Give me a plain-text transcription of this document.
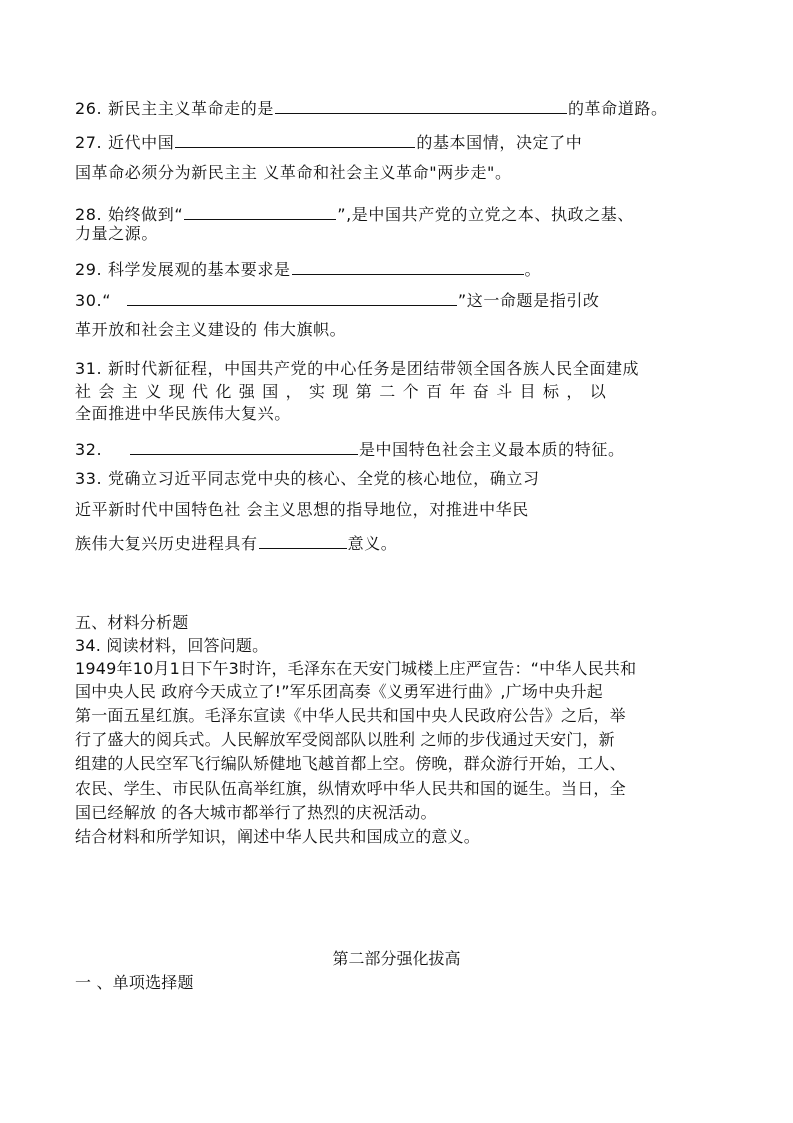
26. 新民主主义革命走的是	的革命道路。
27. 近代中国	的基本国情，决定了中
国革命必须分为新民主主 义革命和社会主义革命"两步走"。
28. 始终做到“	”,是中国共产党的立党之本、执政之基、
力量之源。
29. 科学发展观的基本要求是	。
30.“	”这一命题是指引改
革开放和社会主义建设的 伟大旗帜。
31. 新时代新征程，中国共产党的中心任务是团结带领全国各族人民全面建成
社会主义现代化强国，实现第二个百年奋斗目标，以
全面推进中华民族伟大复兴。
32.	是中国特色社会主义最本质的特征。
33. 党确立习近平同志党中央的核心、全党的核心地位，确立习
近平新时代中国特色社 会主义思想的指导地位，对推进中华民
族伟大复兴历史进程具有	意义。
五、材料分析题
34. 阅读材料，回答问题。
1949年10月1日下午3时许，毛泽东在天安门城楼上庄严宣告：“中华人民共和
国中央人民 政府今天成立了!”军乐团高奏《义勇军进行曲》,广场中央升起
第一面五星红旗。毛泽东宣读《中华人民共和国中央人民政府公告》之后，举
行了盛大的阅兵式。人民解放军受阅部队以胜利 之师的步伐通过天安门，新
组建的人民空军飞行编队矫健地飞越首都上空。傍晚，群众游行开始，工人、
农民、学生、市民队伍高举红旗，纵情欢呼中华人民共和国的诞生。当日，全
国已经解放 的各大城市都举行了热烈的庆祝活动。
结合材料和所学知识，阐述中华人民共和国成立的意义。
第二部分强化拔高
一 、单项选择题
